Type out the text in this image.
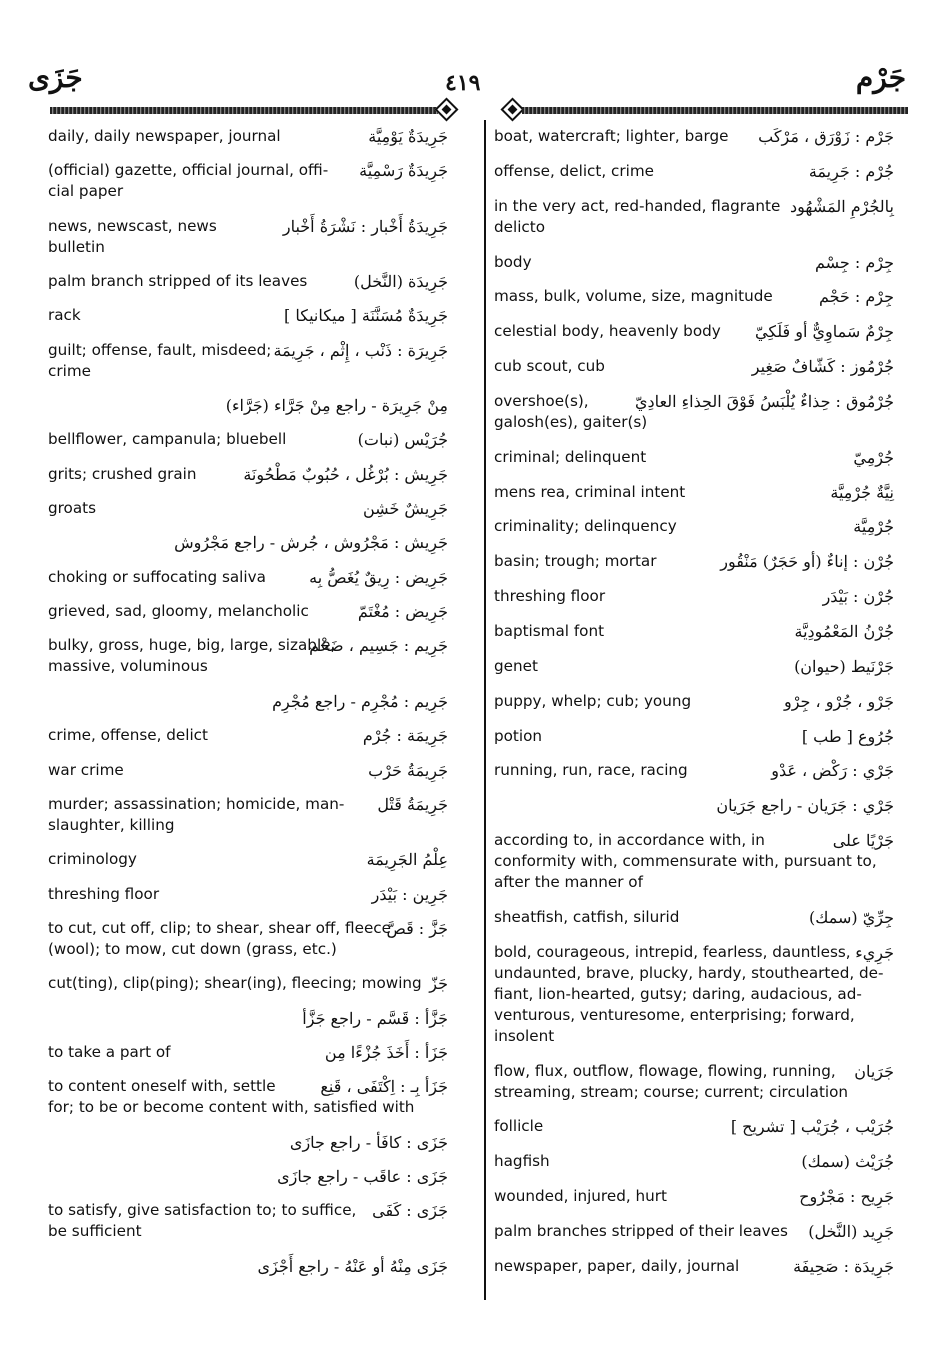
جَزَى	٤١٩	جَرْم
جَرِيدَةٌ يَوْمِيَّة
daily, daily newspaper, journal
جَرِيدَةٌ رَسْمِيَّة
(official) gazette, official journal, offi-
cial paper
جَرِيدَةُ أَخْبار : نَشْرَةُ أَخْبار
news, newscast, news
bulletin
جَرِيدَة (النَّخل)
palm branch stripped of its leaves
جَرِيدَةٌ مُسَنَّنَة [ ميكانيكا ]
rack
جَرِيرَة : ذَنْب ، إِثْم ، جَرِيمَة
guilt; offense, fault, misdeed;
crime
مِنْ جَرِيرَة - راجع مِنْ جَرَّاء (جَرَّاء)
جُرَيْس (نبات)
bellflower, campanula; bluebell
جَرِيش : بُرْغُل ، حُبُوبٌ مَطْحُونَة
grits; crushed grain
جَرِيشٌ خَشِن
groats
جَرِيش : مَجْرُوش ، جُرش - راجع مَجْرُوش
جَرِيض : رِيقٌ يُغَصُّ بِه
choking or suffocating saliva
جَرِيض : مُغْتَمّ
grieved, sad, gloomy, melancholic
جَرِيم : جَسِيم ، ضَخْم
bulky, gross, huge, big, large, sizable,
massive, voluminous
جَرِيم : مُجْرِم - راجع مُجْرِم
جَرِيمَة : جُرْم
crime, offense, delict
جَرِيمَةُ حَرْب
war crime
جَرِيمَةُ قَتْل
murder; assassination; homicide, man-
slaughter, killing
عِلْمُ الجَرِيمَة
criminology
جَرِين : بَيْدَر
threshing floor
جَزَّ : قَصَّ
to cut, cut off, clip; to shear, shear off, fleece
(wool); to mow, cut down (grass, etc.)
جَزّ
cut(ting), clip(ping); shear(ing), fleecing; mowing
جَزَّأ : قَسَّم - راجع جَزَّأ
جَزَأ : أَخَذَ جُزْءًا مِن
to take a part of
جَزَأ بِـ : اِكْتَفَى ، قَنِع
to content oneself with, settle
for; to be or become content with, satisfied with
جَزَى : كافَأ - راجع جازَى
جَزَى : عاقَب - راجع جازَى
جَزَى : كَفَى
to satisfy, give satisfaction to; to suffice,
be sufficient
جَزَى مِنْهُ أو عَنْهُ - راجع أَجْزَى
جَرْم : زَوْرَق ، مَرْكَب
boat, watercraft; lighter, barge
جُرْم : جَرِيمَة
offense, delict, crime
بِالجُرْمِ المَشْهُود
in the very act, red-handed, flagrante
delicto
جِرْم : جِسْم
body
جِرْم : حَجْم
mass, bulk, volume, size, magnitude
جِرْمٌ سَماوِيٌّ أو فَلَكِيّ
celestial body, heavenly body
جُرْمُوز : كَشّافٌ صَغِير
cub scout, cub
جُرْمُوق : حِذاءٌ يُلْبَسُ فَوْقَ الحِذاءِ العادِيّ
overshoe(s),
galosh(es), gaiter(s)
جُرْمِيّ
criminal; delinquent
نِيَّةٌ جُرْمِيَّة
mens rea, criminal intent
جُرْمِيَّة
criminality; delinquency
جُرْن : إناءٌ (أو حَجَرٌ) مَنْقُور
basin; trough; mortar
جُرْن : بَيْدَر
threshing floor
جُرْنُ المَعْمُودِيَّة
baptismal font
جَرْنَيط (حيوان)
genet
جَرْو ، جُرْو ، جِرْو
puppy, whelp; cub; young
جُرُوع [ طب ]
potion
جَرْي : رَكْض ، عَدْو
running, run, race, racing
جَرْي : جَرَيان - راجع جَرَيان
جَرْيًا على
according to, in accordance with, in
conformity with, commensurate with, pursuant to,
after the manner of
جِرِّيّ (سمك)
sheatfish, catfish, silurid
جَرِيء
bold, courageous, intrepid, fearless, dauntless,
undaunted, brave, plucky, hardy, stouthearted, de-
fiant, lion-hearted, gutsy; daring, audacious, ad-
venturous, venturesome, enterprising; forward,
insolent
جَرَيان
flow, flux, outflow, flowage, flowing, running,
streaming, stream; course; current; circulation
جُرَيْب ، جُرَيْب [ تشريح ]
follicle
جُرَيْث (سمك)
hagfish
جَرِيح : مَجْرُوح
wounded, injured, hurt
جَرِيد (النَّخل)
palm branches stripped of their leaves
جَرِيدَة : صَحِيفَة
newspaper, paper, daily, journal
